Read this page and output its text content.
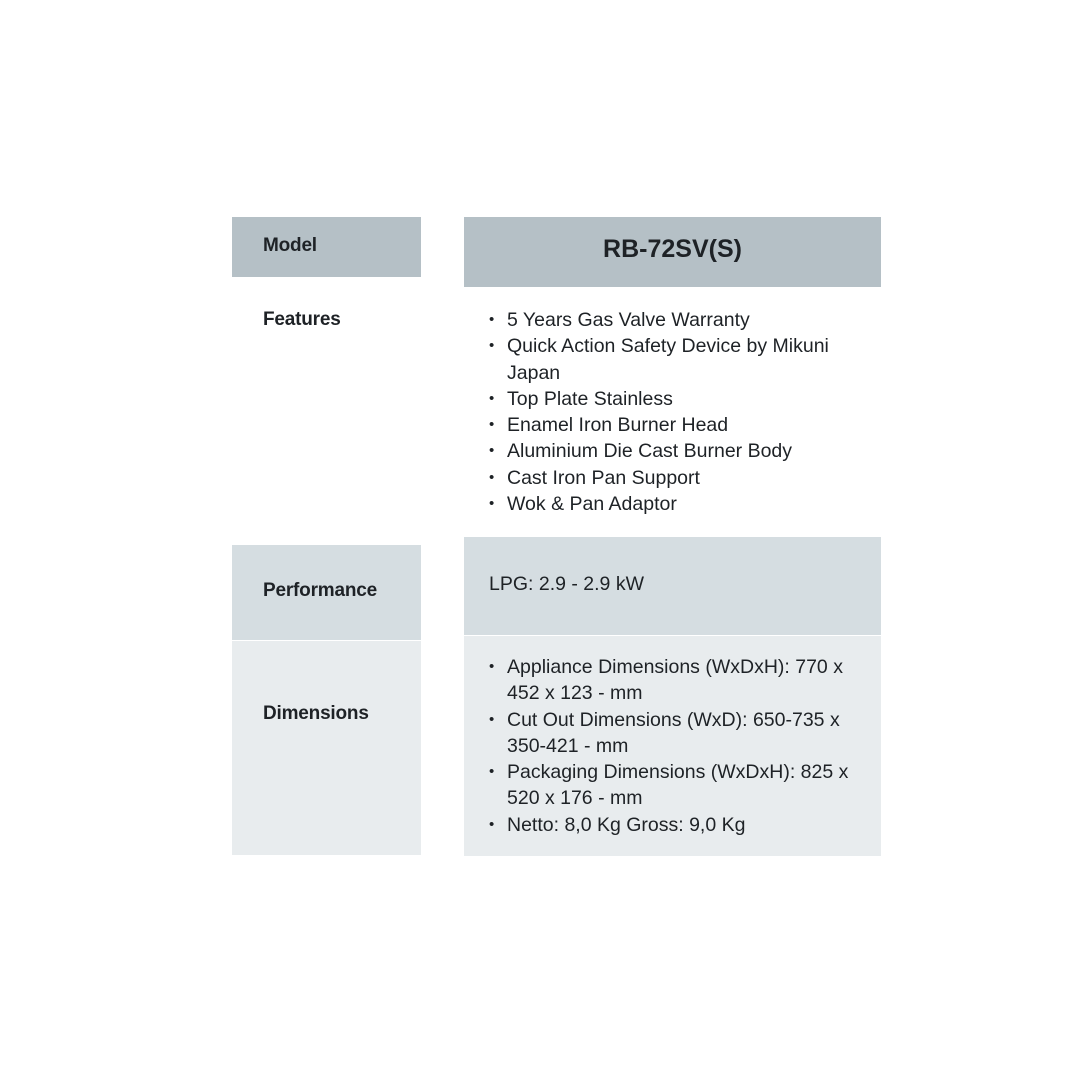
Model	RB-72SV(S)
Features
•	5 Years Gas Valve Warranty
• Quick Action Safety Device by Mikuni Japan
• Top Plate Stainless
• Enamel Iron Burner Head
• Aluminium Die Cast Burner Body
• Cast Iron Pan Support
• Wok & Pan Adaptor
Performance	LPG: 2.9 - 2.9 kW
Dimensions
• Appliance Dimensions (WxDxH): 770 x 452 x 123 - mm
• Cut Out Dimensions (WxD): 650-735 x 350-421 - mm
• Packaging Dimensions (WxDxH): 825 x 520 x 176 - mm
• Netto: 8,0 Kg Gross: 9,0 Kg
